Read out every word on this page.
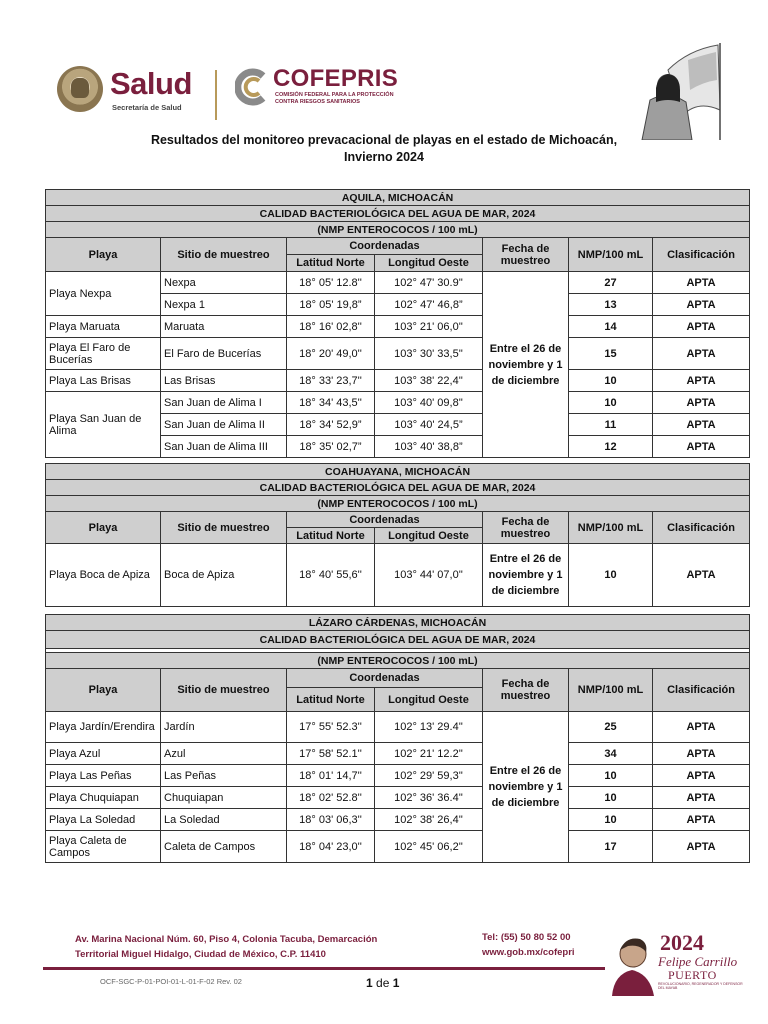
Salud
Secretaría de Salud
COFEPRIS
COMISIÓN FEDERAL PARA LA PROTECCIÓN
CONTRA RIESGOS SANITARIOS
Resultados del monitoreo prevacacional de playas en el estado de Michoacán,
Invierno 2024
AQUILA, MICHOACÁN						
CALIDAD BACTERIOLÓGICA DEL AGUA DE MAR, 2024						
(NMP ENTEROCOCOS / 100 mL)						
Playa	Sitio de muestreo	Coordenadas		Fecha de muestreo	NMP/100 mL	Clasificación
		Latitud Norte	Longitud Oeste			
Playa Nexpa	Nexpa	18° 05' 12.8''	102° 47' 30.9''	Entre el 26 de noviembre y 1 de diciembre	27	APTA
	Nexpa 1	18° 05' 19,8”	102° 47' 46,8”		13	APTA
Playa Maruata	Maruata	18° 16' 02,8''	103° 21' 06,0''		14	APTA
Playa El Faro de Bucerías	El Faro de Bucerías	18° 20' 49,0''	103° 30' 33,5''		15	APTA
Playa Las Brisas	Las Brisas	18° 33' 23,7''	103° 38' 22,4''		10	APTA
Playa San Juan de Alima	San Juan de Alima I	18° 34' 43,5''	103° 40' 09,8''		10	APTA
	San Juan de Alima II	18° 34' 52,9”	103° 40' 24,5”		11	APTA
	San Juan de Alima III	18° 35' 02,7”	103° 40' 38,8”		12	APTA
COAHUAYANA, MICHOACÁN						
CALIDAD BACTERIOLÓGICA DEL AGUA DE MAR, 2024						
(NMP ENTEROCOCOS / 100 mL)						
Playa	Sitio de muestreo	Coordenadas		Fecha de muestreo	NMP/100 mL	Clasificación
		Latitud Norte	Longitud Oeste			
Playa Boca de Apiza	Boca de Apiza	18° 40' 55,6''	103° 44' 07,0''	Entre el 26 de noviembre y 1 de diciembre	10	APTA
LÁZARO CÁRDENAS, MICHOACÁN						
CALIDAD BACTERIOLÓGICA DEL AGUA DE MAR, 2024						

(NMP ENTEROCOCOS / 100 mL)						
Playa	Sitio de muestreo	Coordenadas		Fecha de muestreo	NMP/100 mL	Clasificación
		Latitud Norte	Longitud Oeste			
Playa Jardín/Erendira	Jardín	17° 55' 52.3''	102° 13' 29.4''	Entre el 26 de noviembre y 1 de diciembre	25	APTA
Playa Azul	Azul	17° 58' 52.1''	102° 21' 12.2''		34	APTA
Playa Las Peñas	Las Peñas	18° 01' 14,7''	102° 29' 59,3''		10	APTA
Playa Chuquiapan	Chuquiapan	18° 02' 52.8''	102° 36' 36.4''		10	APTA
Playa La Soledad	La Soledad	18° 03' 06,3''	102° 38' 26,4''		10	APTA
Playa Caleta de Campos	Caleta de Campos	18° 04' 23,0''	102° 45' 06,2''		17	APTA
Av. Marina Nacional Núm. 60, Piso 4, Colonia Tacuba, Demarcación
Territorial Miguel Hidalgo, Ciudad de México, C.P. 11410
Tel: (55) 50 80 52 00
www.gob.mx/cofepri
OCF-SGC-P-01-POI-01-L-01-F-02 Rev. 02	1 de 1
2024
Felipe Carrillo
PUERTO
REVOLUCIONARIO, REGENERADOR Y DEFENSOR DEL MAYAB
